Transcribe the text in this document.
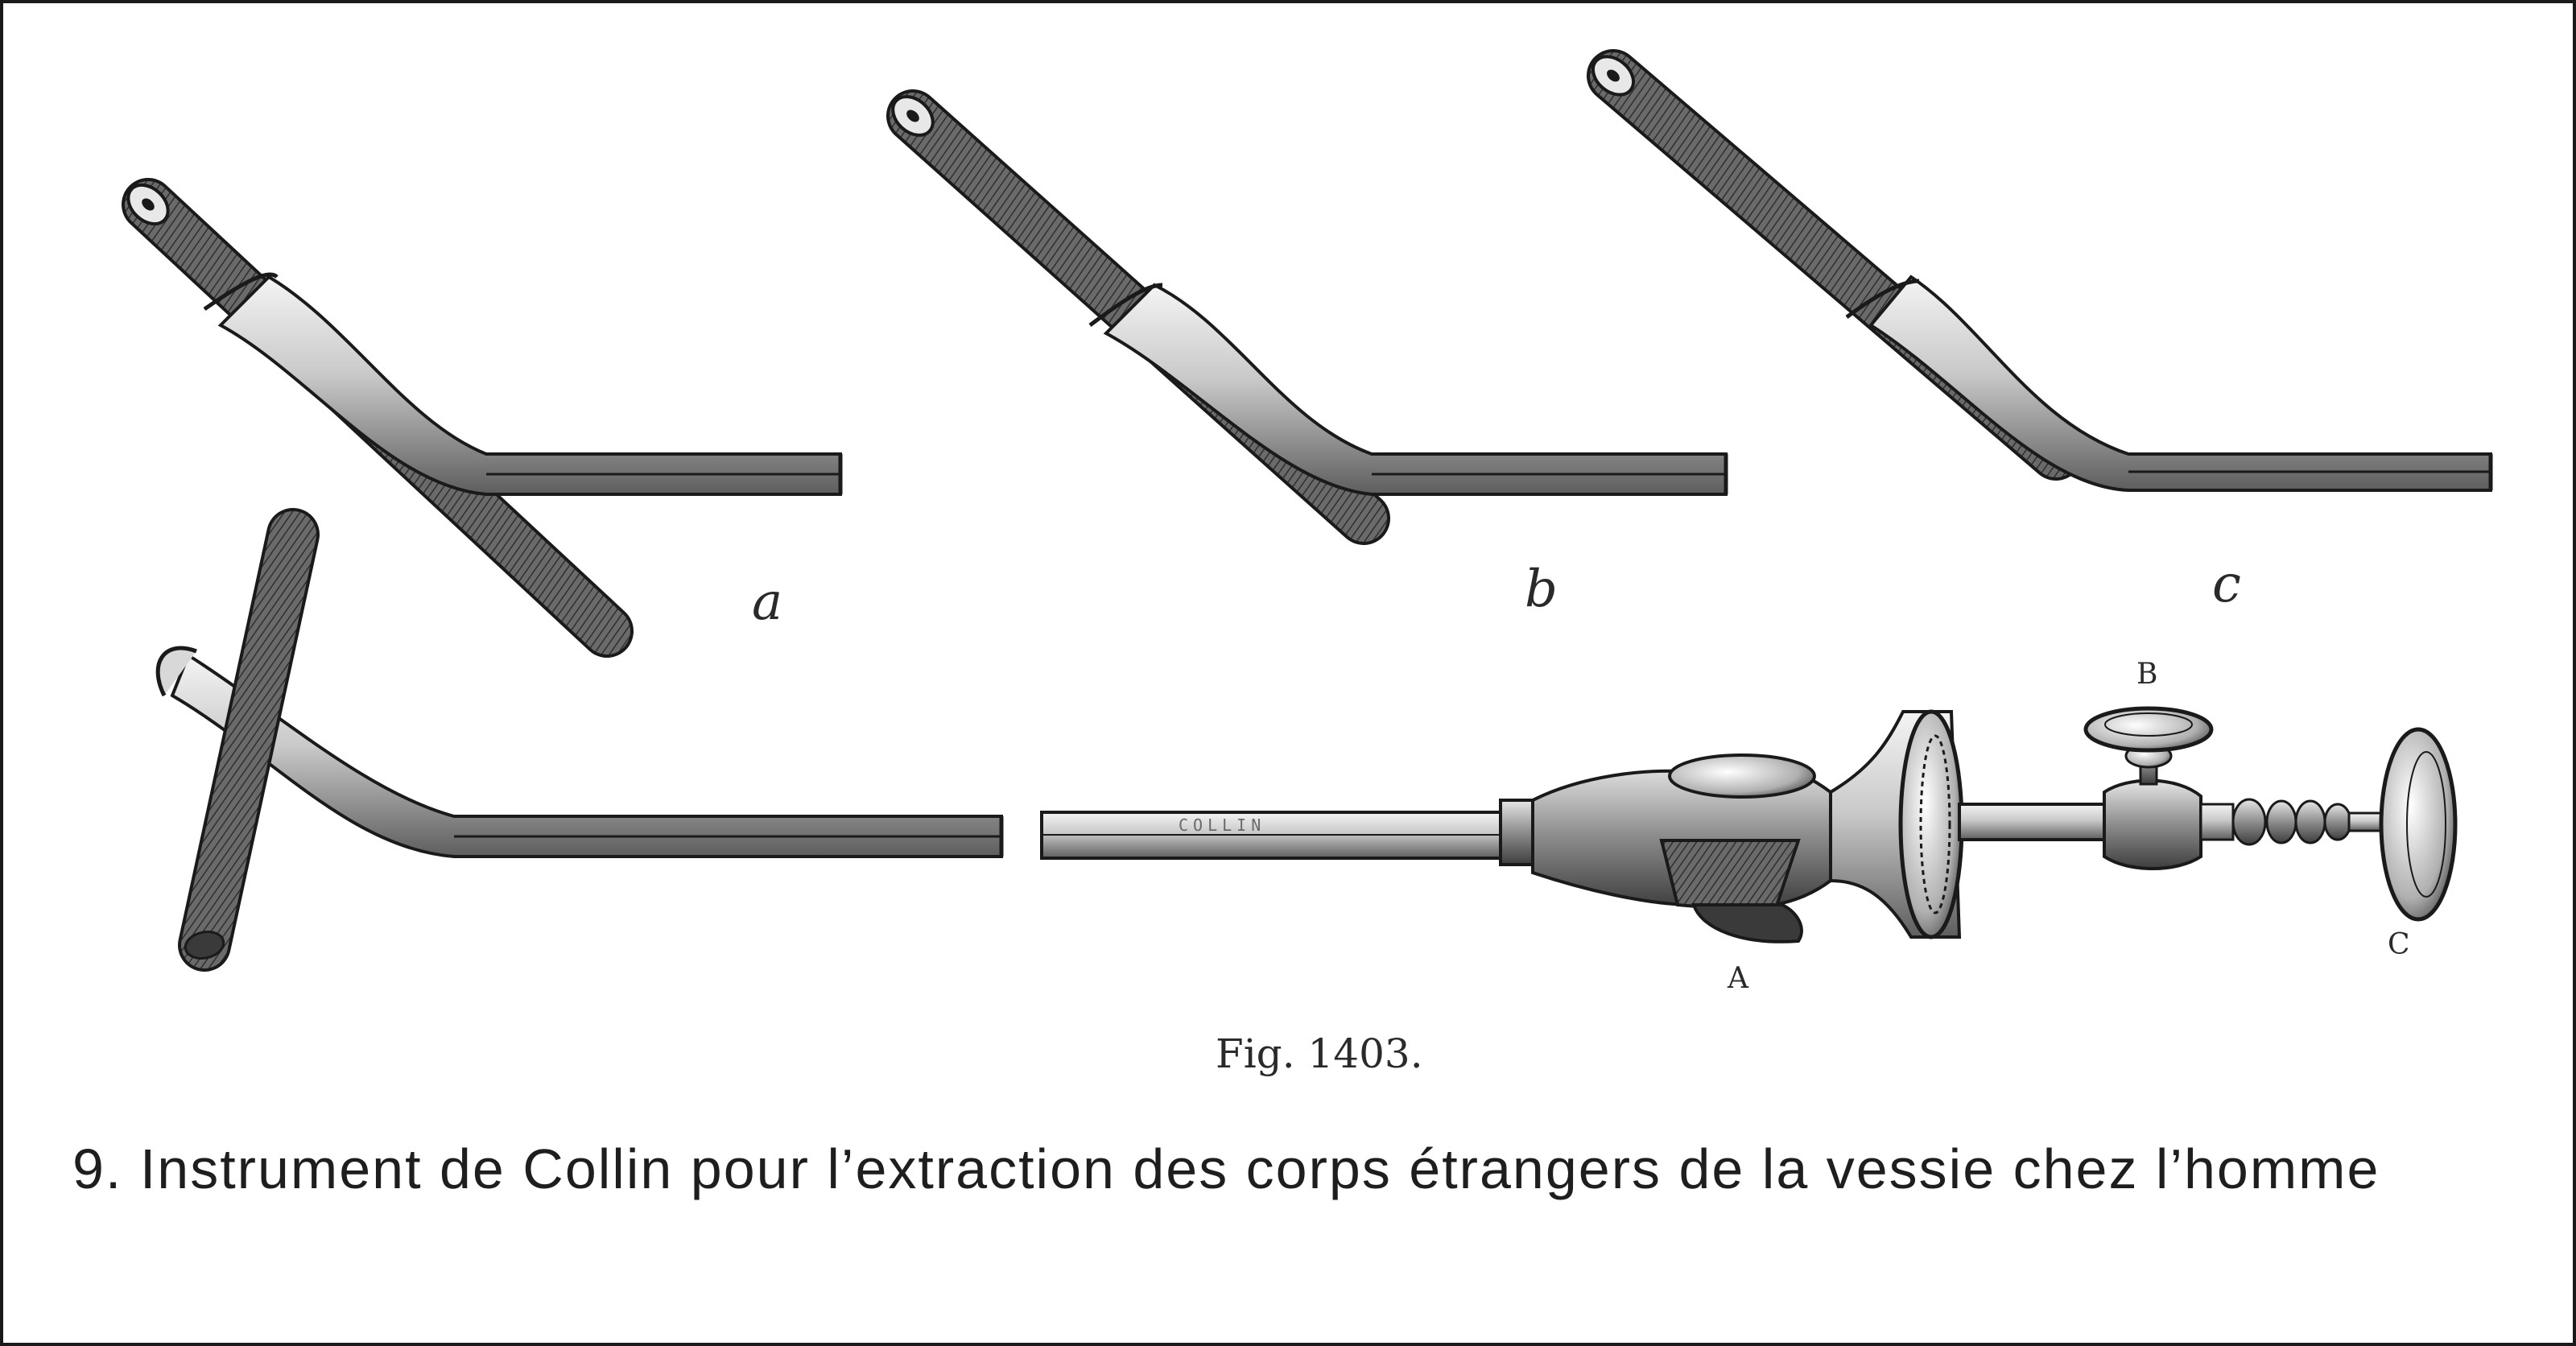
COLLIN
a	b	c
B
A
C
Fig. 1403.
9. Instrument de Collin pour l’extraction des corps étrangers de la vessie chez l’homme
